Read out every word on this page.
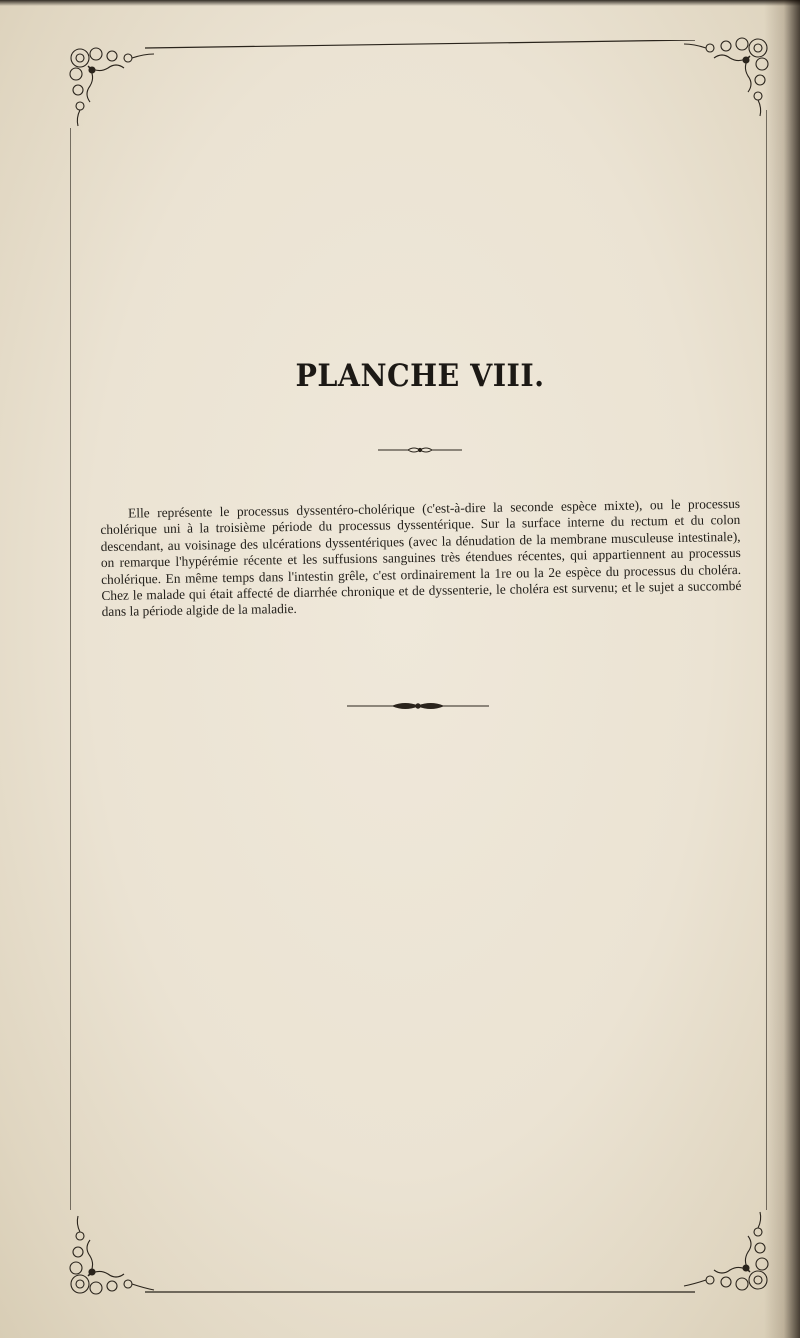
PLANCHE VIII.

Elle représente le processus dyssentéro-cholérique (c'est-à-dire la seconde espèce mixte), ou le processus cholérique uni à la troisième période du processus dyssentérique. Sur la surface interne du rectum et du colon descendant, au voisinage des ulcérations dyssentériques (avec la dénudation de la membrane musculeuse intestinale), on remarque l'hypérémie récente et les suffusions sanguines très étendues récentes, qui appartiennent au processus cholérique. En même temps dans l'intestin grêle, c'est ordinairement la 1re ou la 2e espèce du processus du choléra. Chez le malade qui était affecté de diarrhée chronique et de dyssenterie, le choléra est survenu; et le sujet a succombé dans la période algide de la maladie.
